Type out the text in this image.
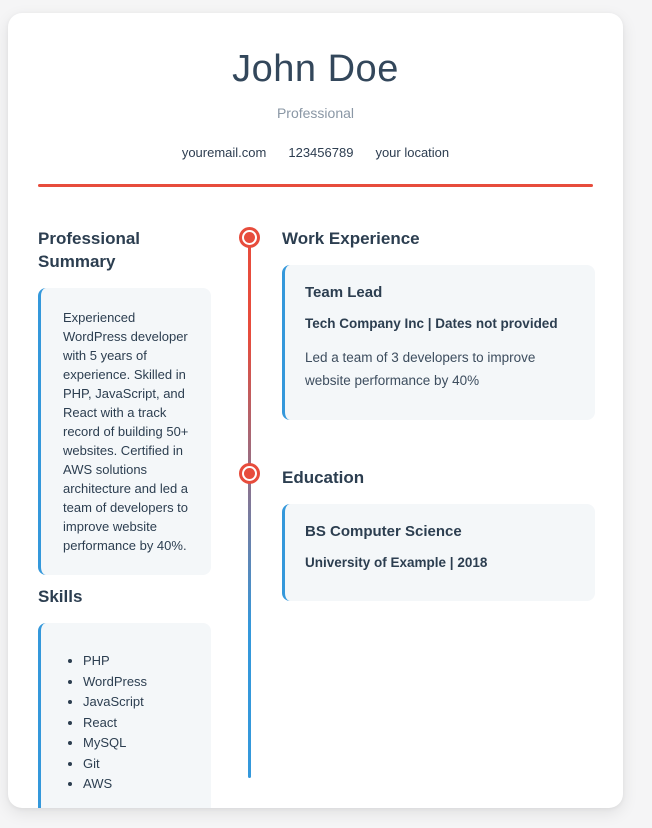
John Doe
Professional
youremail.com 123456789 your location
Professional Summary
Experienced WordPress developer with 5 years of experience. Skilled in PHP, JavaScript, and React with a track record of building 50+ websites. Certified in AWS solutions architecture and led a team of developers to improve website performance by 40%.
Skills
• PHP
• WordPress
• JavaScript
• React
• MySQL
• Git
• AWS
Work Experience
Team Lead

Tech Company Inc | Dates not provided

Led a team of 3 developers to improve website performance by 40%

Education
BS Computer Science

University of Example | 2018
